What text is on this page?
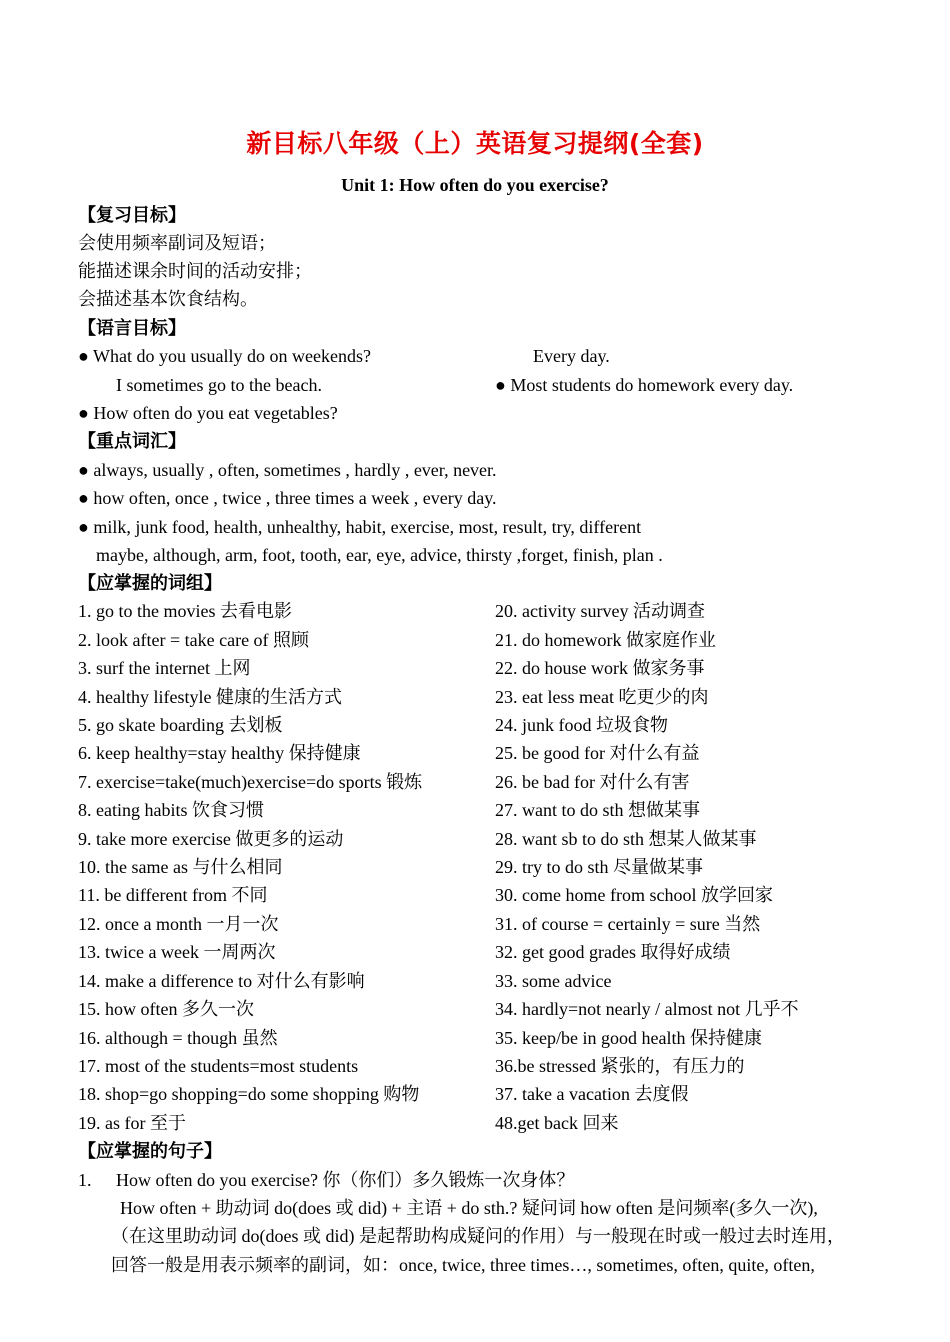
新目标八年级（上）英语复习提纲(全套)
Unit 1: How often do you exercise?
【复习目标】
会使用频率副词及短语；
能描述课余时间的活动安排；
会描述基本饮食结构。
【语言目标】
● What do you usually do on weekends?	Every day.
I sometimes go to the beach.	● Most students do homework every day.
● How often do you eat vegetables?
【重点词汇】
● always, usually , often, sometimes , hardly , ever, never.
● how often, once , twice , three times a week , every day.
● milk, junk food, health, unhealthy, habit, exercise, most, result, try, different
maybe, although, arm, foot, tooth, ear, eye, advice, thirsty ,forget, finish, plan .
【应掌握的词组】
1. go to the movies 去看电影
2. look after = take care of 照顾
3. surf the internet 上网
4. healthy lifestyle 健康的生活方式
5. go skate boarding 去划板
6. keep healthy=stay healthy 保持健康
7. exercise=take(much)exercise=do sports 锻炼
8. eating habits 饮食习惯
9. take more exercise 做更多的运动
10. the same as 与什么相同
11. be different from 不同
12. once a month 一月一次
13. twice a week 一周两次
14. make a difference to 对什么有影响
15. how often 多久一次
16. although = though 虽然
17. most of the students=most students
18. shop=go shopping=do some shopping 购物
19. as for 至于
20. activity survey 活动调查
21. do homework 做家庭作业
22. do house work 做家务事
23. eat less meat 吃更少的肉
24. junk food 垃圾食物
25. be good for 对什么有益
26. be bad for 对什么有害
27. want to do sth 想做某事
28. want sb to do sth 想某人做某事
29. try to do sth 尽量做某事
30. come home from school 放学回家
31. of course = certainly = sure 当然
32. get good grades 取得好成绩
33. some advice
34. hardly=not nearly / almost not 几乎不
35. keep/be in good health 保持健康
36.be stressed 紧张的，有压力的
37. take a vacation 去度假
48.get back 回来
【应掌握的句子】
1. How often do you exercise? 你（你们）多久锻炼一次身体？
How often + 助动词 do(does 或 did) + 主语 + do sth.? 疑问词 how often 是问频率(多久一次),
（在这里助动词 do(does 或 did) 是起帮助构成疑问的作用）与一般现在时或一般过去时连用，
回答一般是用表示频率的副词，如：once, twice, three times…, sometimes, often, quite, often,
